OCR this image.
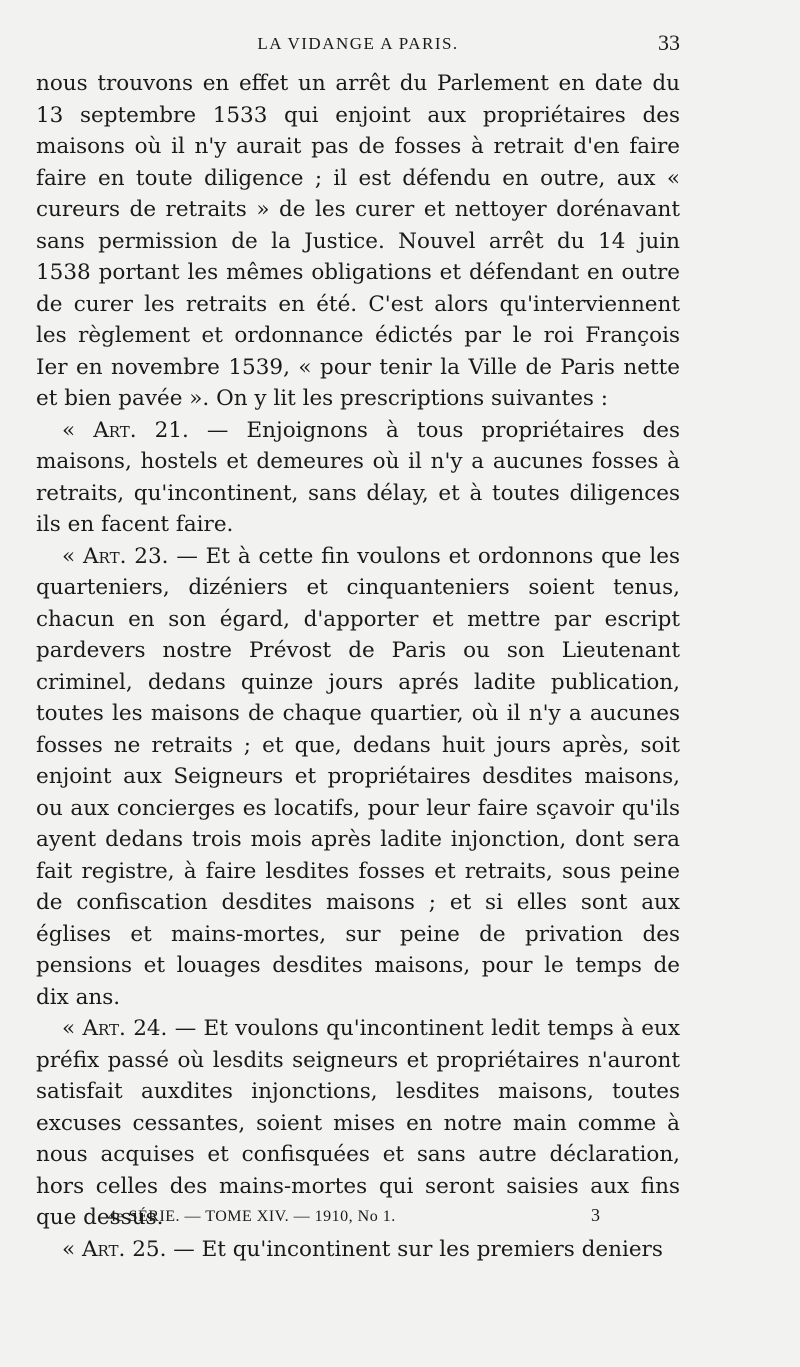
LA VIDANGE A PARIS.	33

nous trouvons en effet un arrêt du Parlement en date du 13 septembre 1533 qui enjoint aux propriétaires des maisons où il n'y aurait pas de fosses à retrait d'en faire faire en toute diligence ; il est défendu en outre, aux « cureurs de retraits » de les curer et nettoyer dorénavant sans permission de la Justice. Nouvel arrêt du 14 juin 1538 portant les mêmes obligations et défendant en outre de curer les retraits en été. C'est alors qu'interviennent les règlement et ordonnance édictés par le roi François Ier en novembre 1539, « pour tenir la Ville de Paris nette et bien pavée ». On y lit les prescriptions suivantes :

« Art. 21. — Enjoignons à tous propriétaires des maisons, hostels et demeures où il n'y a aucunes fosses à retraits, qu'incontinent, sans délay, et à toutes diligences ils en facent faire.

« Art. 23. — Et à cette fin voulons et ordonnons que les quarteniers, dizéniers et cinquanteniers soient tenus, chacun en son égard, d'apporter et mettre par escript pardevers nostre Prévost de Paris ou son Lieutenant criminel, dedans quinze jours aprés ladite publication, toutes les maisons de chaque quartier, où il n'y a aucunes fosses ne retraits ; et que, dedans huit jours après, soit enjoint aux Seigneurs et propriétaires desdites maisons, ou aux concierges es locatifs, pour leur faire sçavoir qu'ils ayent dedans trois mois après ladite injonction, dont sera fait registre, à faire lesdites fosses et retraits, sous peine de confiscation desdites maisons ; et si elles sont aux églises et mains-mortes, sur peine de privation des pensions et louages desdites maisons, pour le temps de dix ans.

« Art. 24. — Et voulons qu'incontinent ledit temps à eux préfix passé où lesdits seigneurs et propriétaires n'auront satisfait auxdites injonctions, lesdites maisons, toutes excuses cessantes, soient mises en notre main comme à nous acquises et confisquées et sans autre déclaration, hors celles des mains-mortes qui seront saisies aux fins que dessus.

« Art. 25. — Et qu'incontinent sur les premiers deniers

4e SÉRIE. — TOME XIV. — 1910, No 1.	3
